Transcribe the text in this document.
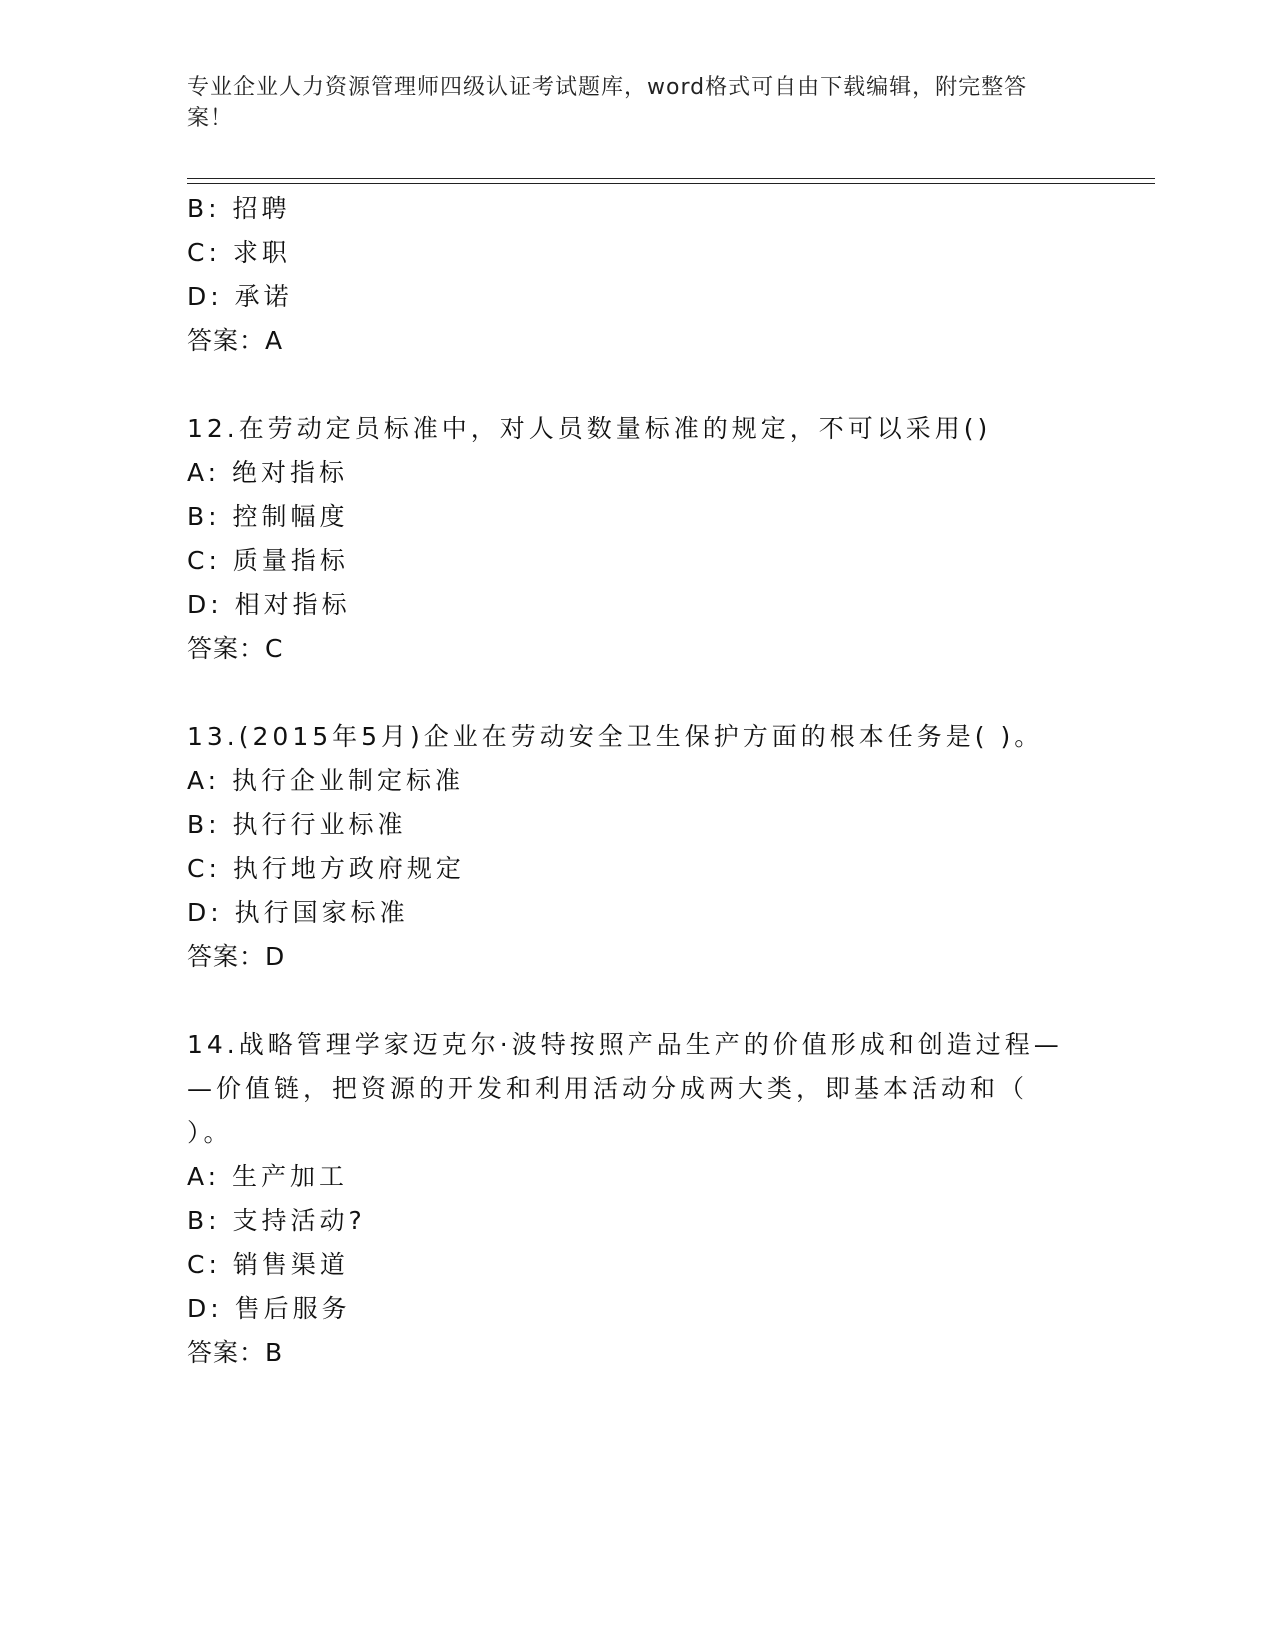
专业企业人力资源管理师四级认证考试题库，word格式可自由下载编辑，附完整答案！
B: 招聘
C: 求职
D: 承诺
答案：A
12.在劳动定员标准中，对人员数量标准的规定，不可以采用()
A: 绝对指标
B: 控制幅度
C: 质量指标
D: 相对指标
答案：C
13.(2015年5月)企业在劳动安全卫生保护方面的根本任务是( )。
A: 执行企业制定标准
B: 执行行业标准
C: 执行地方政府规定
D: 执行国家标准
答案：D
14.战略管理学家迈克尔·波特按照产品生产的价值形成和创造过程—
—价值链，把资源的开发和利用活动分成两大类，即基本活动和（
）。
A: 生产加工
B: 支持活动?
C: 销售渠道
D: 售后服务
答案：B
